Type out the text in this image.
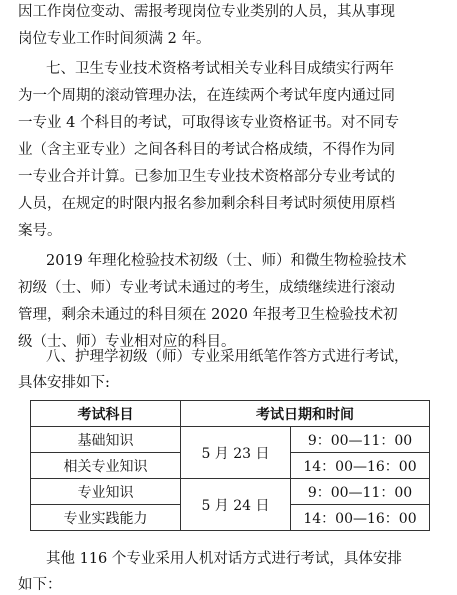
因工作岗位变动、需报考现岗位专业类别的人员，其从事现
岗位专业工作时间须满 2 年。
七、卫生专业技术资格考试相关专业科目成绩实行两年
为一个周期的滚动管理办法，在连续两个考试年度内通过同
一专业 4 个科目的考试，可取得该专业资格证书。对不同专
业（含主亚专业）之间各科目的考试合格成绩，不得作为同
一专业合并计算。已参加卫生专业技术资格部分专业考试的
人员，在规定的时限内报名参加剩余科目考试时须使用原档
案号。
2019 年理化检验技术初级（士、师）和微生物检验技术
初级（士、师）专业考试未通过的考生，成绩继续进行滚动
管理，剩余未通过的科目须在 2020 年报考卫生检验技术初
级（士、师）专业相对应的科目。
八、护理学初级（师）专业采用纸笔作答方式进行考试，
具体安排如下:
考试科目	考试日期和时间	
基础知识	5 月 23 日	9：00—11：00
相关专业知识		14：00—16：00
专业知识	5 月 24 日	9：00—11：00
专业实践能力		14：00—16：00
其他 116 个专业采用人机对话方式进行考试，具体安排
如下：
